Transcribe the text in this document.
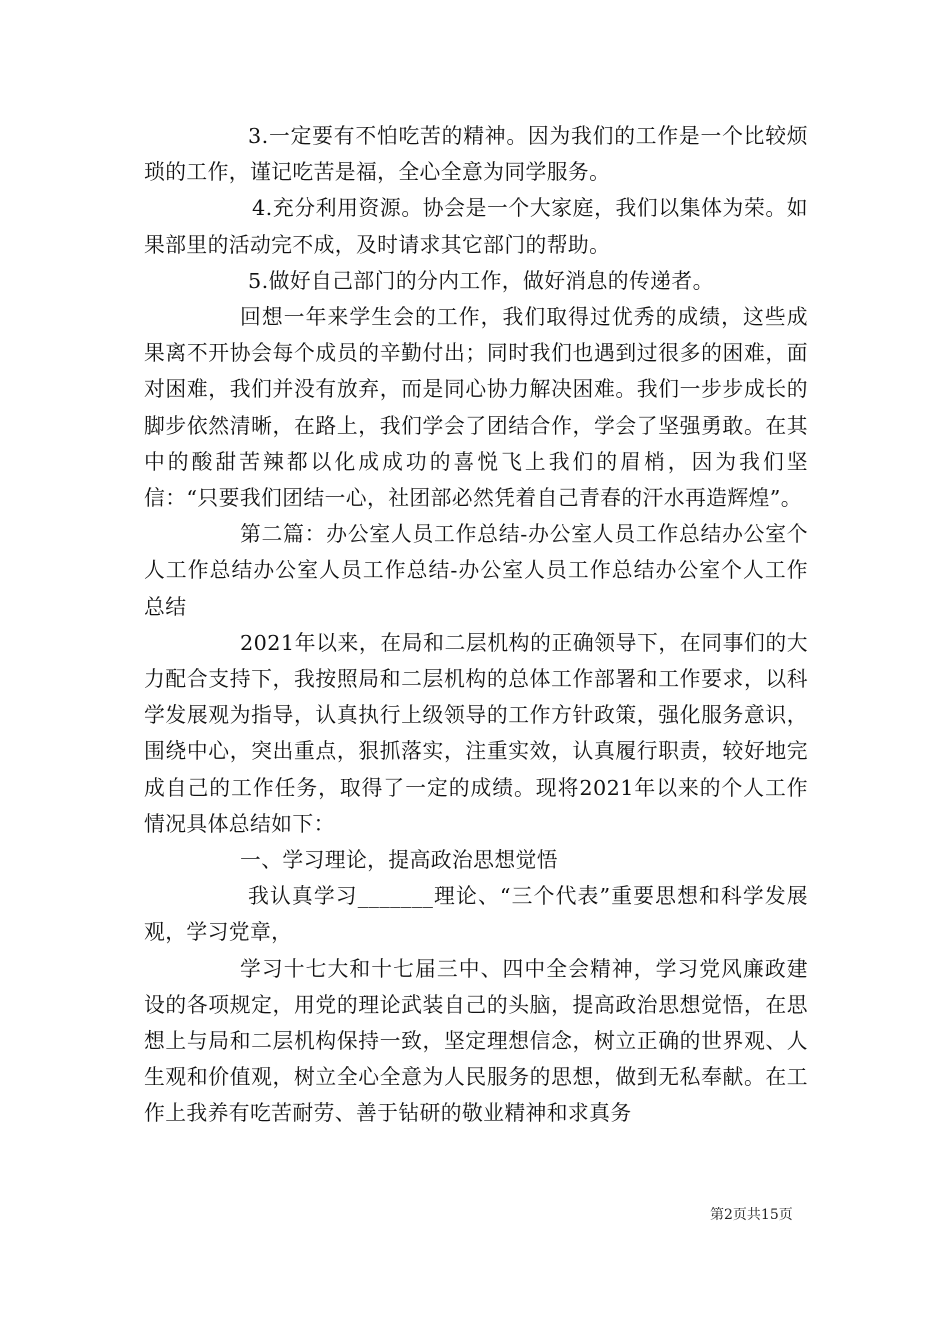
3.一定要有不怕吃苦的精神。因为我们的工作是一个比较烦琐的工作，谨记吃苦是福，全心全意为同学服务。

4.充分利用资源。协会是一个大家庭，我们以集体为荣。如果部里的活动完不成，及时请求其它部门的帮助。

5.做好自己部门的分内工作，做好消息的传递者。

回想一年来学生会的工作，我们取得过优秀的成绩，这些成果离不开协会每个成员的辛勤付出；同时我们也遇到过很多的困难，面对困难，我们并没有放弃，而是同心协力解决困难。我们一步步成长的脚步依然清晰，在路上，我们学会了团结合作，学会了坚强勇敢。在其中的酸甜苦辣都以化成成功的喜悦飞上我们的眉梢，因为我们坚信：“只要我们团结一心，社团部必然凭着自己青春的汗水再造辉煌”。

第二篇：办公室人员工作总结-办公室人员工作总结办公室个人工作总结办公室人员工作总结-办公室人员工作总结办公室个人工作总结

2021年以来，在局和二层机构的正确领导下，在同事们的大力配合支持下，我按照局和二层机构的总体工作部署和工作要求，以科学发展观为指导，认真执行上级领导的工作方针政策，强化服务意识，围绕中心，突出重点，狠抓落实，注重实效，认真履行职责，较好地完成自己的工作任务，取得了一定的成绩。现将2021年以来的个人工作情况具体总结如下：

一、学习理论，提高政治思想觉悟

我认真学习_______理论、“三个代表”重要思想和科学发展观，学习党章，

学习十七大和十七届三中、四中全会精神，学习党风廉政建设的各项规定，用党的理论武装自己的头脑，提高政治思想觉悟，在思想上与局和二层机构保持一致，坚定理想信念，树立正确的世界观、人生观和价值观，树立全心全意为人民服务的思想，做到无私奉献。在工作上我养有吃苦耐劳、善于钻研的敬业精神和求真务

第2页共15页
